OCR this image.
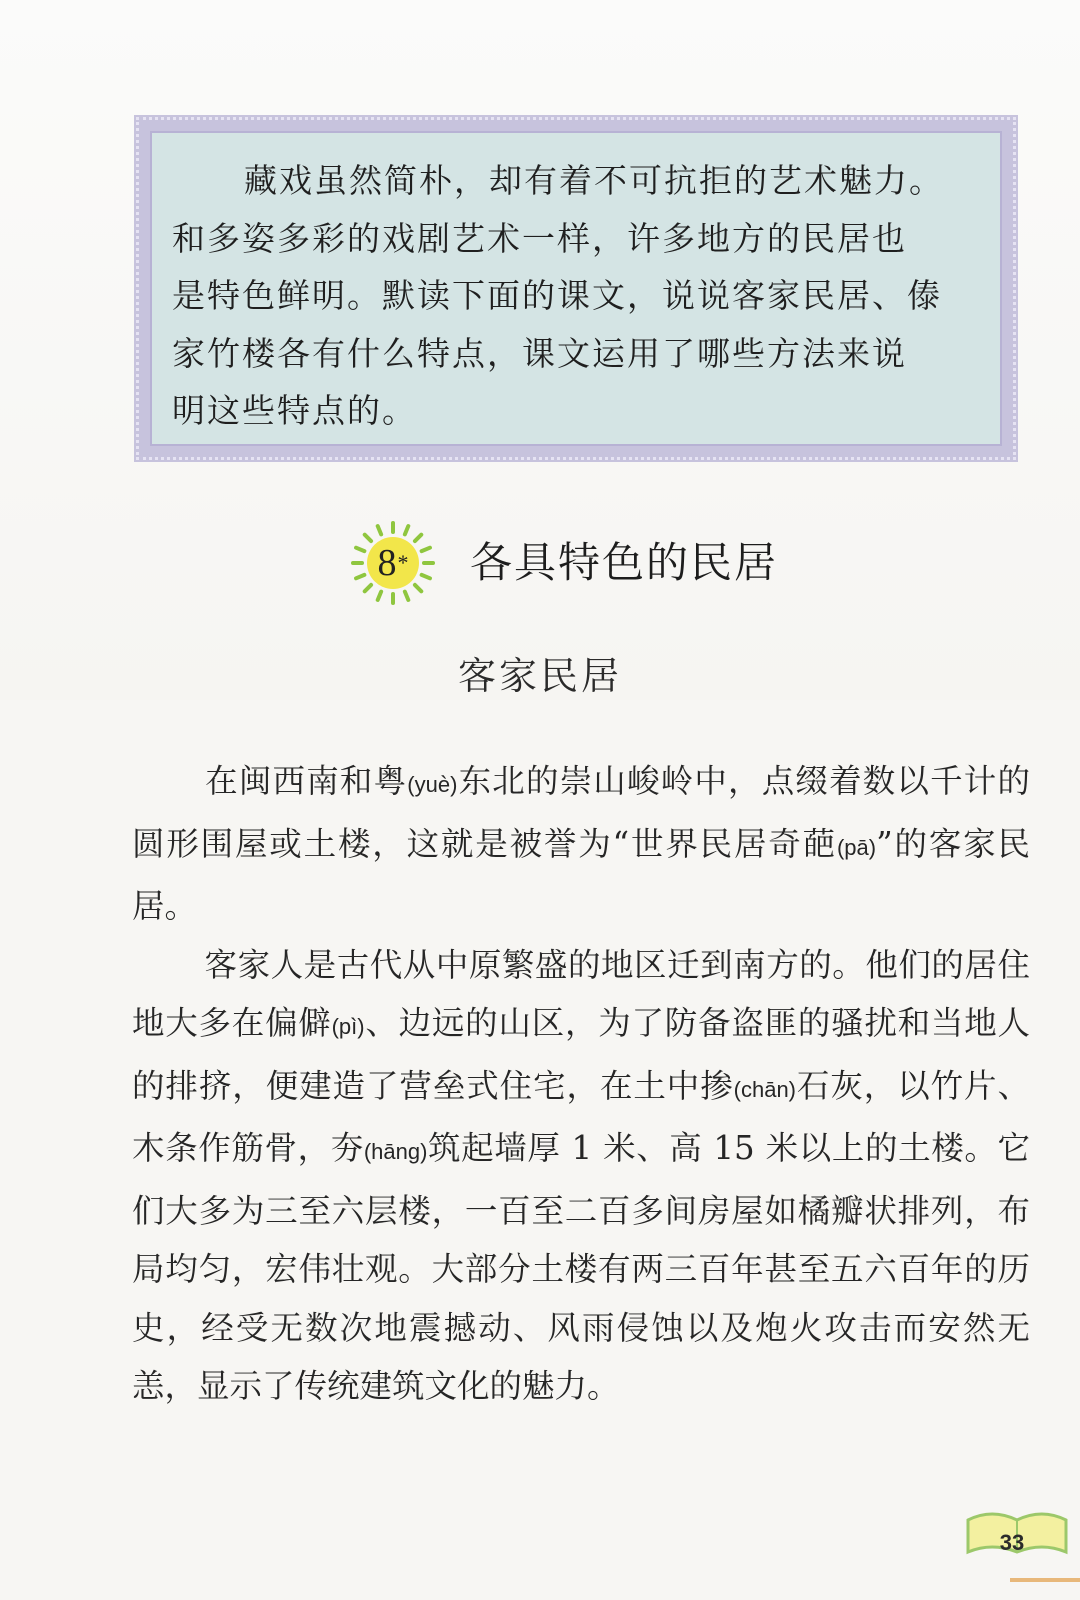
藏戏虽然简朴，却有着不可抗拒的艺术魅力。
和多姿多彩的戏剧艺术一样，许多地方的民居也
是特色鲜明。默读下面的课文，说说客家民居、傣
家竹楼各有什么特点，课文运用了哪些方法来说
明这些特点的。
8 * 各具特色的民居
客家民居

在闽西南和粤(yuè)东北的崇山峻岭中，点缀着数以千计的圆形围屋或土楼，这就是被誉为“世界民居奇葩(pā)”的客家民居。

客家人是古代从中原繁盛的地区迁到南方的。他们的居住地大多在偏僻(pì)、边远的山区，为了防备盗匪的骚扰和当地人的排挤，便建造了营垒式住宅，在土中掺(chān)石灰，以竹片、木条作筋骨，夯(hāng)筑起墙厚 1 米、高 15 米以上的土楼。它们大多为三至六层楼，一百至二百多间房屋如橘瓣状排列，布局均匀，宏伟壮观。大部分土楼有两三百年甚至五六百年的历史，经受无数次地震撼动、风雨侵蚀以及炮火攻击而安然无恙，显示了传统建筑文化的魅力。

33
